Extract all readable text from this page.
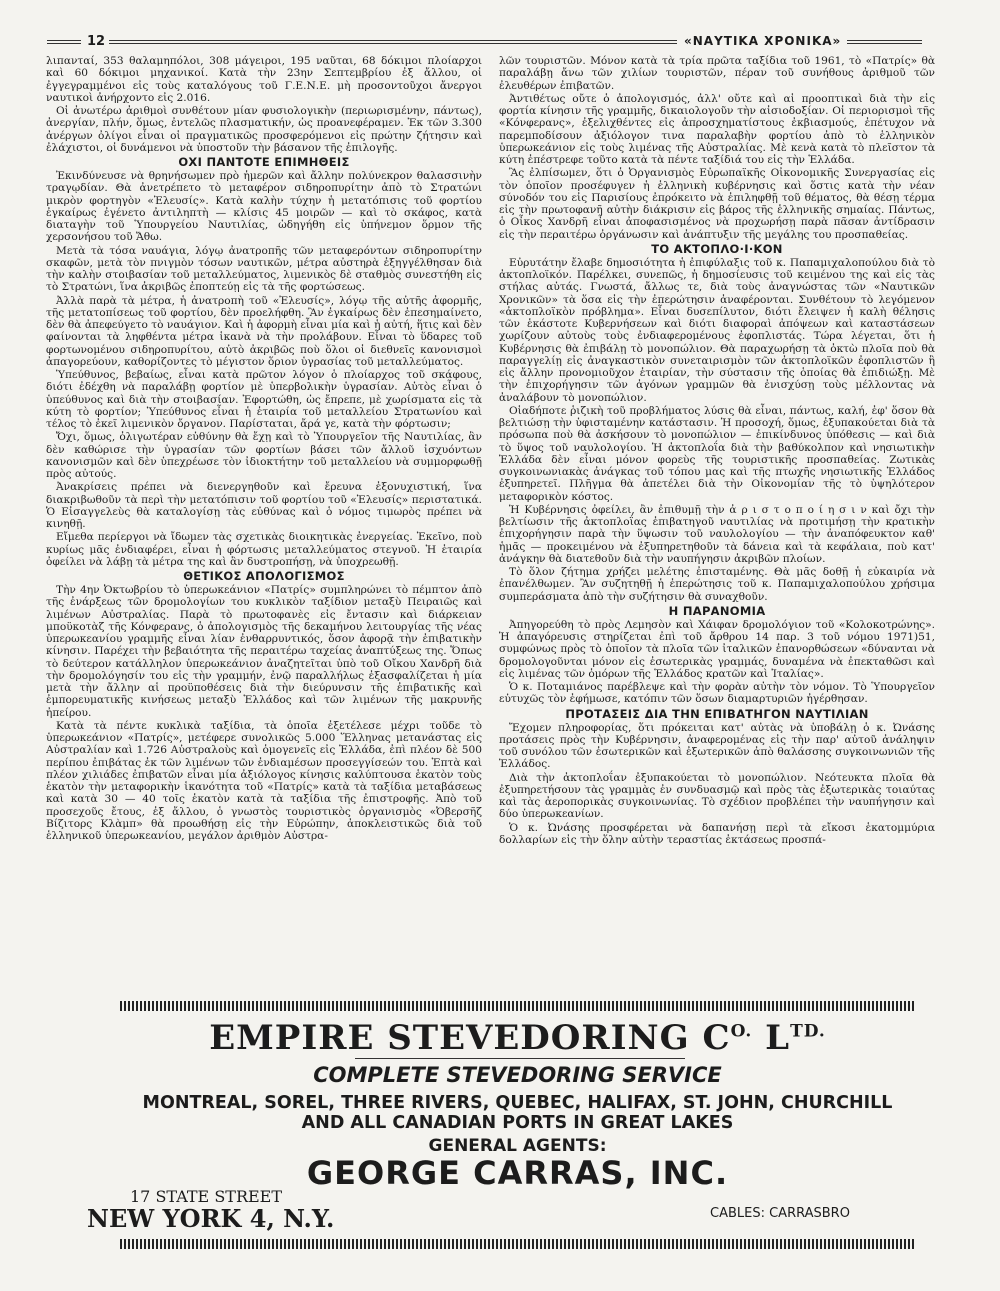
12	«ΝΑΥΤΙΚΑ ΧΡΟΝΙΚΑ»

λιπανταί, 353 θαλαμηπόλοι, 308 μάγειροι, 195 ναῦται, 68 δόκιμοι πλοίαρχοι καὶ 60 δόκιμοι μηχανικοί. Κατὰ τὴν 23ην Σεπτεμβρίου ἐξ ἄλλου, οἱ ἐγγεγραμμένοι εἰς τοὺς καταλόγους τοῦ Γ.Ε.Ν.Ε. μὴ προσοντοῦχοι ἄνεργοι ναυτικοὶ ἀνήρχοντο εἰς 2.016.

Οἱ ἀνωτέρω ἀριθμοὶ συνθέτουν μίαν φυσιολογικὴν (περιωρισμένην, πάντως), ἀνεργίαν, πλήν, ὅμως, ἐντελῶς πλασματικήν, ὡς προανεφέραμεν. Ἐκ τῶν 3.300 ἀνέργων ὀλίγοι εἶναι οἱ πραγματικῶς προσφερόμενοι εἰς πρώτην ζήτησιν καὶ ἐλάχιστοι, οἱ δυνάμενοι νὰ ὑποστοῦν τὴν βάσανον τῆς ἐπιλογῆς.

ΟΧΙ ΠΑΝΤΟΤΕ ΕΠΙΜΗΘΕΙΣ

Ἐκινδύνευσε νὰ θρηνήσωμεν πρὸ ἡμερῶν καὶ ἄλλην πολύνεκρον θαλασσινὴν τραγῳδίαν. Θὰ ἀνετρέπετο τὸ μεταφέρον σιδηροπυρίτην ἀπὸ τὸ Στρατώνι μικρὸν φορτηγὸν «Ἐλευσίς». Κατὰ καλὴν τύχην ἡ μετατόπισις τοῦ φορτίου ἐγκαίρως ἐγένετο ἀντιληπτὴ — κλίσις 45 μοιρῶν — καὶ τὸ σκάφος, κατὰ διαταγὴν τοῦ Ὑπουργείου Ναυτιλίας, ὡδηγήθη εἰς ὑπήνεμον ὅρμον τῆς χερσονήσου τοῦ Ἄθω.

Μετὰ τὰ τόσα ναυάγια, λόγῳ ἀνατροπῆς τῶν μεταφερόντων σιδηροπυρίτην σκαφῶν, μετὰ τὸν πνιγμὸν τόσων ναυτικῶν, μέτρα αὐστηρὰ ἐξηγγέλθησαν διὰ τὴν καλὴν στοιβασίαν τοῦ μεταλλεύματος, λιμενικὸς δὲ σταθμὸς συνεστήθη εἰς τὸ Στρατώνι, ἵνα ἀκριβῶς ἐποπτεύῃ εἰς τὰ τῆς φορτώσεως.

Ἀλλὰ παρὰ τὰ μέτρα, ἡ ἀνατροπὴ τοῦ «Ἐλευσίς», λόγῳ τῆς αὐτῆς ἀφορμῆς, τῆς μετατοπίσεως τοῦ φορτίου, δὲν προελήφθη. Ἂν ἐγκαίρως δὲν ἐπεσημαίνετο, δὲν θὰ ἀπεφεύγετο τὸ ναυάγιον. Καὶ ἡ ἀφορμὴ εἶναι μία καὶ ἡ αὐτή, ἥτις καὶ δὲν φαίνονται τὰ ληφθέντα μέτρα ἱκανὰ νὰ τὴν προλάβουν. Εἶναι τὸ ὕδαρες τοῦ φορτωνομένου σιδηροπυρίτου, αὐτὸ ἀκριβῶς ποὺ ὅλοι οἱ διεθνεῖς κανονισμοὶ ἀπαγορεύουν, καθορίζοντες τὸ μέγιστον ὅριον ὑγρασίας τοῦ μεταλλεύματος.

Ὑπεύθυνος, βεβαίως, εἶναι κατὰ πρῶτον λόγον ὁ πλοίαρχος τοῦ σκάφους, διότι ἐδέχθη νὰ παραλάβῃ φορτίον μὲ ὑπερβολικὴν ὑγρασίαν. Αὐτὸς εἶναι ὁ ὑπεύθυνος καὶ διὰ τὴν στοιβασίαν. Ἐφορτώθη, ὡς ἔπρεπε, μὲ χωρίσματα εἰς τὰ κύτη τὸ φορτίον; Ὑπεύθυνος εἶναι ἡ ἑταιρία τοῦ μεταλλείου Στρατωνίου καὶ τέλος τὸ ἐκεῖ λιμενικὸν ὄργανον. Παρίσταται, ἄρά γε, κατὰ τὴν φόρτωσιν;

Ὄχι, ὅμως, ὀλιγωτέραν εὐθύνην θὰ ἔχῃ καὶ τὸ Ὑπουργεῖον τῆς Ναυτιλίας, ἂν δὲν καθώρισε τὴν ὑγρασίαν τῶν φορτίων βάσει τῶν ἄλλοῦ ἰσχυόντων κανονισμῶν καὶ δὲν ὑπεχρέωσε τὸν ἰδιοκτήτην τοῦ μεταλλείου νὰ συμμορφωθῇ πρὸς αὐτούς.

Ἀνακρίσεις πρέπει νὰ διενεργηθοῦν καὶ ἔρευνα ἐξονυχιστική, ἵνα διακριβωθοῦν τὰ περὶ τὴν μετατόπισιν τοῦ φορτίου τοῦ «Ἐλευσίς» περιστατικά. Ὁ Εἰσαγγελεὺς θὰ καταλογίσῃ τὰς εὐθύνας καὶ ὁ νόμος τιμωρὸς πρέπει νὰ κινηθῇ.

Εἴμεθα περίεργοι νὰ ἴδωμεν τὰς σχετικὰς διοικητικὰς ἐνεργείας. Ἐκεῖνο, ποὺ κυρίως μᾶς ἐνδιαφέρει, εἶναι ἡ φόρτωσις μεταλλεύματος στεγνοῦ. Ἡ ἑταιρία ὀφείλει νὰ λάβῃ τὰ μέτρα της καὶ ἂν δυστροπήσῃ, νὰ ὑποχρεωθῇ.

ΘΕΤΙΚΟΣ ΑΠΟΛΟΓΙΣΜΟΣ

Τὴν 4ην Ὀκτωβρίου τὸ ὑπερωκεάνιον «Πατρίς» συμπληρώνει τὸ πέμπτον ἀπὸ τῆς ἐνάρξεως τῶν δρομολογίων του κυκλικὸν ταξίδιον μεταξὺ Πειραιῶς καὶ λιμένων Αὐστραλίας. Παρὰ τὸ πρωτοφανὲς εἰς ἔντασιν καὶ διάρκειαν μποϋκοτὰζ τῆς Κόνφερανς, ὁ ἀπολογισμὸς τῆς δεκαμήνου λειτουργίας τῆς νέας ὑπερωκεανίου γραμμῆς εἶναι λίαν ἐνθαρρυντικός, ὅσον ἀφορᾷ τὴν ἐπιβατικὴν κίνησιν. Παρέχει τὴν βεβαιότητα τῆς περαιτέρω ταχείας ἀναπτύξεως της. Ὅπως τὸ δεύτερον κατάλληλον ὑπερωκεάνιον ἀναζητεῖται ὑπὸ τοῦ Οἴκου Χανδρῆ διὰ τὴν δρομολόγησίν του εἰς τὴν γραμμήν, ἐνῷ παραλλήλως ἐξασφαλίζεται ἡ μία μετὰ τὴν ἄλλην αἱ προϋποθέσεις διὰ τὴν διεύρυνσιν τῆς ἐπιβατικῆς καὶ ἐμπορευματικῆς κινήσεως μεταξὺ Ἑλλάδος καὶ τῶν λιμένων τῆς μακρυνῆς ἠπείρου.

Κατὰ τὰ πέντε κυκλικὰ ταξίδια, τὰ ὁποῖα ἐξετέλεσε μέχρι τοῦδε τὸ ὑπερωκεάνιον «Πατρίς», μετέφερε συνολικῶς 5.000 Ἕλληνας μετανάστας εἰς Αὐστραλίαν καὶ 1.726 Αὐστραλοὺς καὶ ὁμογενεῖς εἰς Ἑλλάδα, ἐπὶ πλέον δὲ 500 περίπου ἐπιβάτας ἐκ τῶν λιμένων τῶν ἐνδιαμέσων προσεγγίσεών του. Ἑπτὰ καὶ πλέον χιλιάδες ἐπιβατῶν εἶναι μία ἀξιόλογος κίνησις καλύπτουσα ἑκατὸν τοὺς ἑκατὸν τὴν μεταφορικὴν ἱκανότητα τοῦ «Πατρίς» κατὰ τὰ ταξίδια μεταβάσεως καὶ κατὰ 30 — 40 τοῖς ἑκατὸν κατὰ τὰ ταξίδια τῆς ἐπιστροφῆς. Ἀπὸ τοῦ προσεχοῦς ἔτους, ἐξ ἄλλου, ὁ γνωστὸς τουριστικὸς ὀργανισμὸς «Ὀβερσῆζ Βίζιτορς Κλὰμπ» θὰ προωθήσῃ εἰς τὴν Εὐρώπην, ἀποκλειστικῶς διὰ τοῦ ἑλληνικοῦ ὑπερωκεανίου, μεγάλον ἀριθμὸν Αὐστρα-

λῶν τουριστῶν. Μόνον κατὰ τὰ τρία πρῶτα ταξίδια τοῦ 1961, τὸ «Πατρίς» θὰ παραλάβῃ ἄνω τῶν χιλίων τουριστῶν, πέραν τοῦ συνήθους ἀριθμοῦ τῶν ἐλευθέρων ἐπιβατῶν.

Ἀντιθέτως οὔτε ὁ ἀπολογισμός, ἀλλ' οὔτε καὶ αἱ προοπτικαὶ διὰ τὴν εἰς φορτία κίνησιν τῆς γραμμῆς, δικαιολογοῦν τὴν αἰσιοδοξίαν. Οἱ περιορισμοὶ τῆς «Κόνφερανς», ἐξελιχθέντες εἰς ἀπροσχηματίστους ἐκβιασμούς, ἐπέτυχον νὰ παρεμποδίσουν ἀξιόλογον τινα παραλαβὴν φορτίου ἀπὸ τὸ ἑλληνικὸν ὑπερωκεάνιον εἰς τοὺς λιμένας τῆς Αὐστραλίας. Μὲ κενὰ κατὰ τὸ πλεῖστον τὰ κύτη ἐπέστρεφε τοῦτο κατὰ τὰ πέντε ταξίδιά του εἰς τὴν Ἑλλάδα.

Ἂς ἐλπίσωμεν, ὅτι ὁ Ὀργανισμὸς Εὐρωπαϊκῆς Οἰκονομικῆς Συνεργασίας εἰς τὸν ὁποῖον προσέφυγεν ἡ ἑλληνικὴ κυβέρνησις καὶ ὅστις κατὰ τὴν νέαν σύνοδόν του εἰς Παρισίους ἐπρόκειτο νὰ ἐπιληφθῇ τοῦ θέματος, θὰ θέσῃ τέρμα εἰς τὴν πρωτοφανῆ αὐτὴν διάκρισιν εἰς βάρος τῆς ἑλληνικῆς σημαίας. Πάντως, ὁ Οἶκος Χανδρῆ εἶναι ἀποφασισμένος νὰ προχωρήσῃ παρὰ πᾶσαν ἀντίδρασιν εἰς τὴν περαιτέρω ὀργάνωσιν καὶ ἀνάπτυξιν τῆς μεγάλης του προσπαθείας.

ΤΟ ΑΚΤΟΠΛΟ·Ι·ΚΟΝ

Εὐρυτάτην ἔλαβε δημοσιότητα ἡ ἐπιφύλαξις τοῦ κ. Παπαμιχαλοπούλου διὰ τὸ ἀκτοπλοϊκόν. Παρέλκει, συνεπῶς, ἡ δημοσίευσις τοῦ κειμένου της καὶ εἰς τὰς στήλας αὐτάς. Γνωστά, ἄλλως τε, διὰ τοὺς ἀναγνώστας τῶν «Ναυτικῶν Χρονικῶν» τὰ ὅσα εἰς τὴν ἐπερώτησιν ἀναφέρονται. Συνθέτουν τὸ λεγόμενον «ἀκτοπλοϊκὸν πρόβλημα». Εἶναι δυσεπίλυτον, διότι ἔλειψεν ἡ καλὴ θέλησις τῶν ἑκάστοτε Κυβερνήσεων καὶ διότι διαφοραὶ ἀπόψεων καὶ καταστάσεων χωρίζουν αὐτοὺς τοὺς ἐνδιαφερομένους ἐφοπλιστάς. Τώρα λέγεται, ὅτι ἡ Κυβέρνησις θὰ ἐπιβάλῃ τὸ μονοπώλιον. Θὰ παραχωρήσῃ τὰ ὀκτὼ πλοῖα ποὺ θὰ παραγγελίῃ εἰς ἀναγκαστικὸν συνεταιρισμὸν τῶν ἀκτοπλοϊκῶν ἐφοπλιστῶν ἢ εἰς ἄλλην προνομιοῦχον ἑταιρίαν, τὴν σύστασιν τῆς ὁποίας θὰ ἐπιδιώξῃ. Μὲ τὴν ἐπιχορήγησιν τῶν ἀγόνων γραμμῶν θὰ ἐνισχύσῃ τοὺς μέλλοντας νὰ ἀναλάβουν τὸ μονοπώλιον.

Οἱαδήποτε ῥιζικὴ τοῦ προβλήματος λύσις θὰ εἶναι, πάντως, καλή, ἐφ' ὅσον θὰ βελτιώσῃ τὴν ὑφισταμένην κατάστασιν. Ἡ προσοχή, ὅμως, ἐξυπακούεται διὰ τὰ πρόσωπα ποὺ θὰ ἀσκήσουν τὸ μονοπώλιον — ἐπικίνδυνος ὑπόθεσις — καὶ διὰ τὸ ὕψος τοῦ ναυλολογίου. Ἡ ἀκτοπλοΐα διὰ τὴν βαθύκολπον καὶ νησιωτικὴν Ἑλλάδα δὲν εἶναι μόνον φορεὺς τῆς τουριστικῆς προσπαθείας. Ζωτικὰς συγκοινωνιακὰς ἀνάγκας τοῦ τόπου μας καὶ τῆς πτωχῆς νησιωτικῆς Ἑλλάδος ἐξυπηρετεῖ. Πλῆγμα θὰ ἀπετέλει διὰ τὴν Οἰκονομίαν τῆς τὸ ὑψηλότερον μεταφορικὸν κόστος.

Ἡ Κυβέρνησις ὀφείλει, ἂν ἐπιθυμῇ τὴν ἀ ρ ι σ τ ο π ο ί η σ ι ν καὶ ὄχι τὴν βελτίωσιν τῆς ἀκτοπλοΐας ἐπιβατηγοῦ ναυτιλίας νὰ προτιμήσῃ τὴν κρατικὴν ἐπιχορήγησιν παρὰ τὴν ὕψωσιν τοῦ ναυλολογίου — τὴν ἀναπόφευκτον καθ' ἡμᾶς — προκειμένου νὰ ἐξυπηρετηθοῦν τὰ δάνεια καὶ τὰ κεφάλαια, ποὺ κατ' ἀνάγκην θὰ διατεθοῦν διὰ τὴν ναυπήγησιν ἀκριβῶν πλοίων.

Τὸ ὅλον ζήτημα χρήζει μελέτης ἐπισταμένης. Θὰ μᾶς δοθῇ ἡ εὐκαιρία νὰ ἐπανέλθωμεν. Ἂν συζητηθῇ ἡ ἐπερώτησις τοῦ κ. Παπαμιχαλοπούλου χρήσιμα συμπεράσματα ἀπὸ τὴν συζήτησιν θὰ συναχθοῦν.

Η ΠΑΡΑΝΟΜΙΑ

Ἀπηγορεύθη τὸ πρὸς Λεμησὸν καὶ Χάιφαν δρομολόγιον τοῦ «Κολοκοτρώνης». Ἡ ἀπαγόρευσις στηρίζεται ἐπὶ τοῦ ἄρθρου 14 παρ. 3 τοῦ νόμου 1971)51, συμφώνως πρὸς τὸ ὁποῖον τὰ πλοῖα τῶν ἰταλικῶν ἐπανορθώσεων «δύνανται νὰ δρομολογοῦνται μόνον εἰς ἐσωτερικὰς γραμμάς, δυναμένα νὰ ἐπεκταθῶσι καὶ εἰς λιμένας τῶν ὁμόρων τῆς Ἑλλάδος κρατῶν καὶ Ἰταλίας».

Ὁ κ. Ποταμιάνος παρέβλεψε καὶ τὴν φορὰν αὐτὴν τὸν νόμον. Τὸ Ὑπουργεῖον εὐτυχῶς τὸν ἐφήμωσε, κατόπιν τῶν ὅσων διαμαρτυριῶν ἠγέρθησαν.

ΠΡΟΤΑΣΕΙΣ ΔΙΑ ΤΗΝ ΕΠΙΒΑΤΗΓΟΝ ΝΑΥΤΙΛΙΑΝ

Ἔχομεν πληροφορίας, ὅτι πρόκειται κατ' αὐτὰς νὰ ὑποβάλῃ ὁ κ. Ὠνάσης προτάσεις πρὸς τὴν Κυβέρνησιν, ἀναφερομένας εἰς τὴν παρ' αὐτοῦ ἀνάληψιν τοῦ συνόλου τῶν ἐσωτερικῶν καὶ ἐξωτερικῶν ἀπὸ θαλάσσης συγκοινωνιῶν τῆς Ἑλλάδος.

Διὰ τὴν ἀκτοπλοΐαν ἐξυπακούεται τὸ μονοπώλιον. Νεότευκτα πλοῖα θὰ ἐξυπηρετήσουν τὰς γραμμὰς ἐν συνδυασμῷ καὶ πρὸς τὰς ἐξωτερικὰς τοιαύτας καὶ τὰς ἀεροπορικὰς συγκοινωνίας. Τὸ σχέδιον προβλέπει τὴν ναυπήγησιν καὶ δύο ὑπερωκεανίων.

Ὁ κ. Ὠνάσης προσφέρεται νὰ δαπανήσῃ περὶ τὰ εἴκοσι ἑκατομμύρια δολλαρίων εἰς τὴν ὅλην αὐτὴν τεραστίας ἐκτάσεως προσπά-

EMPIRE STEVEDORING $C^{O.}$ $L^{TD.}$
COMPLETE STEVEDORING SERVICE
MONTREAL, SOREL, THREE RIVERS, QUEBEC, HALIFAX, ST. JOHN, CHURCHILL
AND ALL CANADIAN PORTS IN GREAT LAKES
GENERAL AGENTS:
GEORGE CARRAS, INC.
17 STATE STREET
NEW YORK 4, N.Y.	CABLES: CARRASBRO
